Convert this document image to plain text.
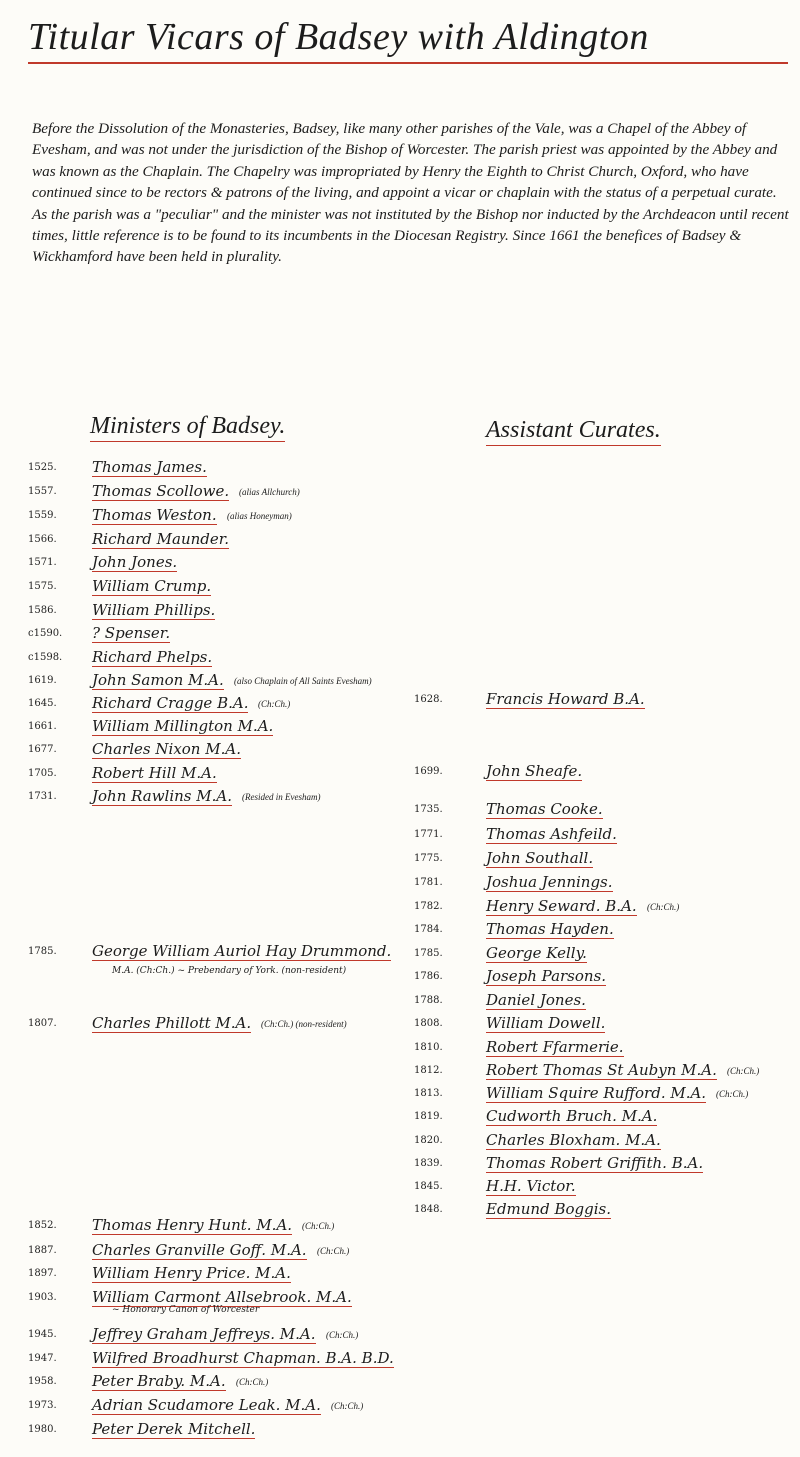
Titular Vicars of Badsey with Aldington

Before the Dissolution of the Monasteries, Badsey, like many other parishes of the Vale, was a Chapel of the Abbey of Evesham, and was not under the jurisdiction of the Bishop of Worcester. The parish priest was appointed by the Abbey and was known as the Chaplain. The Chapelry was impropriated by Henry the Eighth to Christ Church, Oxford, who have continued since to be rectors & patrons of the living, and appoint a vicar or chaplain with the status of a perpetual curate. As the parish was a "peculiar" and the minister was not instituted by the Bishop nor inducted by the Archdeacon until recent times, little reference is to be found to its incumbents in the Diocesan Registry. Since 1661 the benefices of Badsey & Wickhamford have been held in plurality.

Ministers of Badsey.	Assistant Curates.
1525. Thomas James.
1557. Thomas Scollowe. (alias Allchurch)
1559. Thomas Weston. (alias Honeyman)
1566. Richard Maunder.
1571. John Jones.
1575. William Crump.
1586. William Phillips.
c1590. ? Spenser.
c1598. Richard Phelps.
1619. John Samon M.A. (also Chaplain of All Saints Evesham)
1645. Richard Cragge B.A. (Ch:Ch.)
1661. William Millington M.A.
1677. Charles Nixon M.A.
1705. Robert Hill M.A.
1731. John Rawlins M.A. (Resided in Evesham)
1785. George William Auriol Hay Drummond.
1807. Charles Phillott M.A. (Ch:Ch.) (non-resident)
1852. Thomas Henry Hunt. M.A. (Ch:Ch.)
1887. Charles Granville Goff. M.A. (Ch:Ch.)
1897. William Henry Price. M.A.
1903. William Carmont Allsebrook. M.A.
1945. Jeffrey Graham Jeffreys. M.A. (Ch:Ch.)
1947. Wilfred Broadhurst Chapman. B.A. B.D.
1958. Peter Braby. M.A. (Ch:Ch.)
1973. Adrian Scudamore Leak. M.A. (Ch:Ch.)
1980. Peter Derek Mitchell.
1628.	Francis Howard B.A.
1699.	John Sheafe.
1735.	Thomas Cooke.
1771.	Thomas Ashfeild.
1775.	John Southall.
1781.	Joshua Jennings.
1782.	Henry Seward. B.A. (Ch:Ch.)
1784.	Thomas Hayden.
1785.	George Kelly.
1786.	Joseph Parsons.
1788.	Daniel Jones.
1808.	William Dowell.
1810.	Robert Ffarmerie.
1812.	Robert Thomas St Aubyn M.A. (Ch:Ch.)
1813.	William Squire Rufford. M.A. (Ch:Ch.)
1819.	Cudworth Bruch. M.A.
1820.	Charles Bloxham. M.A.
1839.	Thomas Robert Griffith. B.A.
1845.	H.H. Victor.
1848.	Edmund Boggis.
M.A. (Ch:Ch.) ~ Prebendary of York. (non-resident)
~ Honorary Canon of Worcester
